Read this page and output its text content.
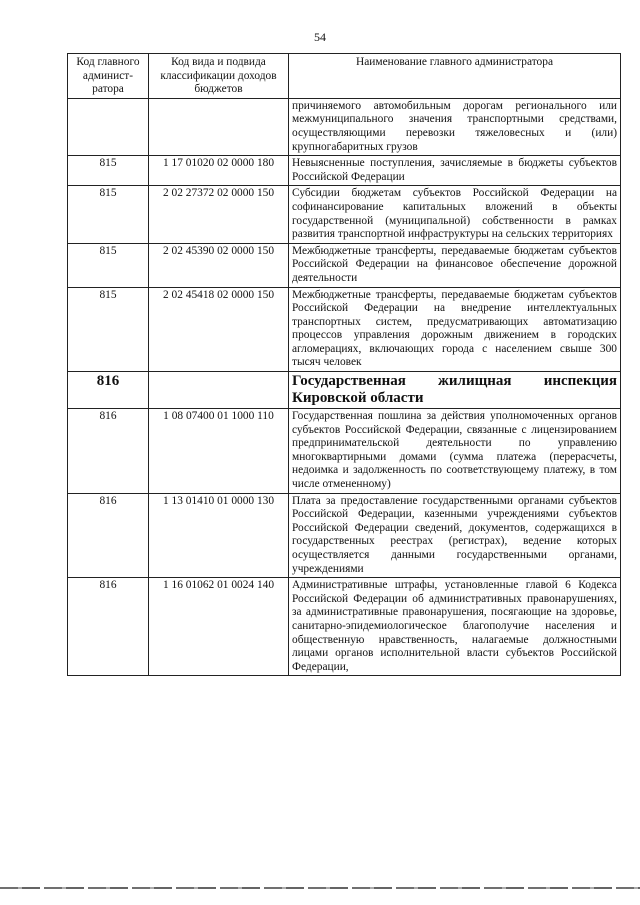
54
Код главного админист-ратора	Код вида и подвида классификации доходов бюджетов	Наименование главного администратора
		причиняемого автомобильным дорогам регионального или межмуниципального значения транспортными средствами, осуществляющими перевозки тяжеловесных и (или) крупногабаритных грузов
815	1 17 01020 02 0000 180	Невыясненные поступления, зачисляемые в бюджеты субъектов Российской Федерации
815	2 02 27372 02 0000 150	Субсидии бюджетам субъектов Российской Федерации на софинансирование капитальных вложений в объекты государственной (муниципальной) собственности в рамках развития транспортной инфраструктуры на сельских территориях
815	2 02 45390 02 0000 150	Межбюджетные трансферты, передаваемые бюджетам субъектов Российской Федерации на финансовое обеспечение дорожной деятельности
815	2 02 45418 02 0000 150	Межбюджетные трансферты, передаваемые бюджетам субъектов Российской Федерации на внедрение интеллектуальных транспортных систем, предусматривающих автоматизацию процессов управления дорожным движением в городских агломерациях, включающих города с населением свыше 300 тысяч человек
816		Государственная жилищная инспекция Кировской области
816	1 08 07400 01 1000 110	Государственная пошлина за действия уполномоченных органов субъектов Российской Федерации, связанные с лицензированием предпринимательской деятельности по управлению многоквартирными домами (сумма платежа (перерасчеты, недоимка и задолженность по соответствующему платежу, в том числе отмененному)
816	1 13 01410 01 0000 130	Плата за предоставление государственными органами субъектов Российской Федерации, казенными учреждениями субъектов Российской Федерации сведений, документов, содержащихся в государственных реестрах (регистрах), ведение которых осуществляется данными государственными органами, учреждениями
816	1 16 01062 01 0024 140	Административные штрафы, установленные главой 6 Кодекса Российской Федерации об административных правонарушениях, за административные правонарушения, посягающие на здоровье, санитарно-эпидемиологическое благополучие населения и общественную нравственность, налагаемые должностными лицами органов исполнительной власти субъектов Российской Федерации,
